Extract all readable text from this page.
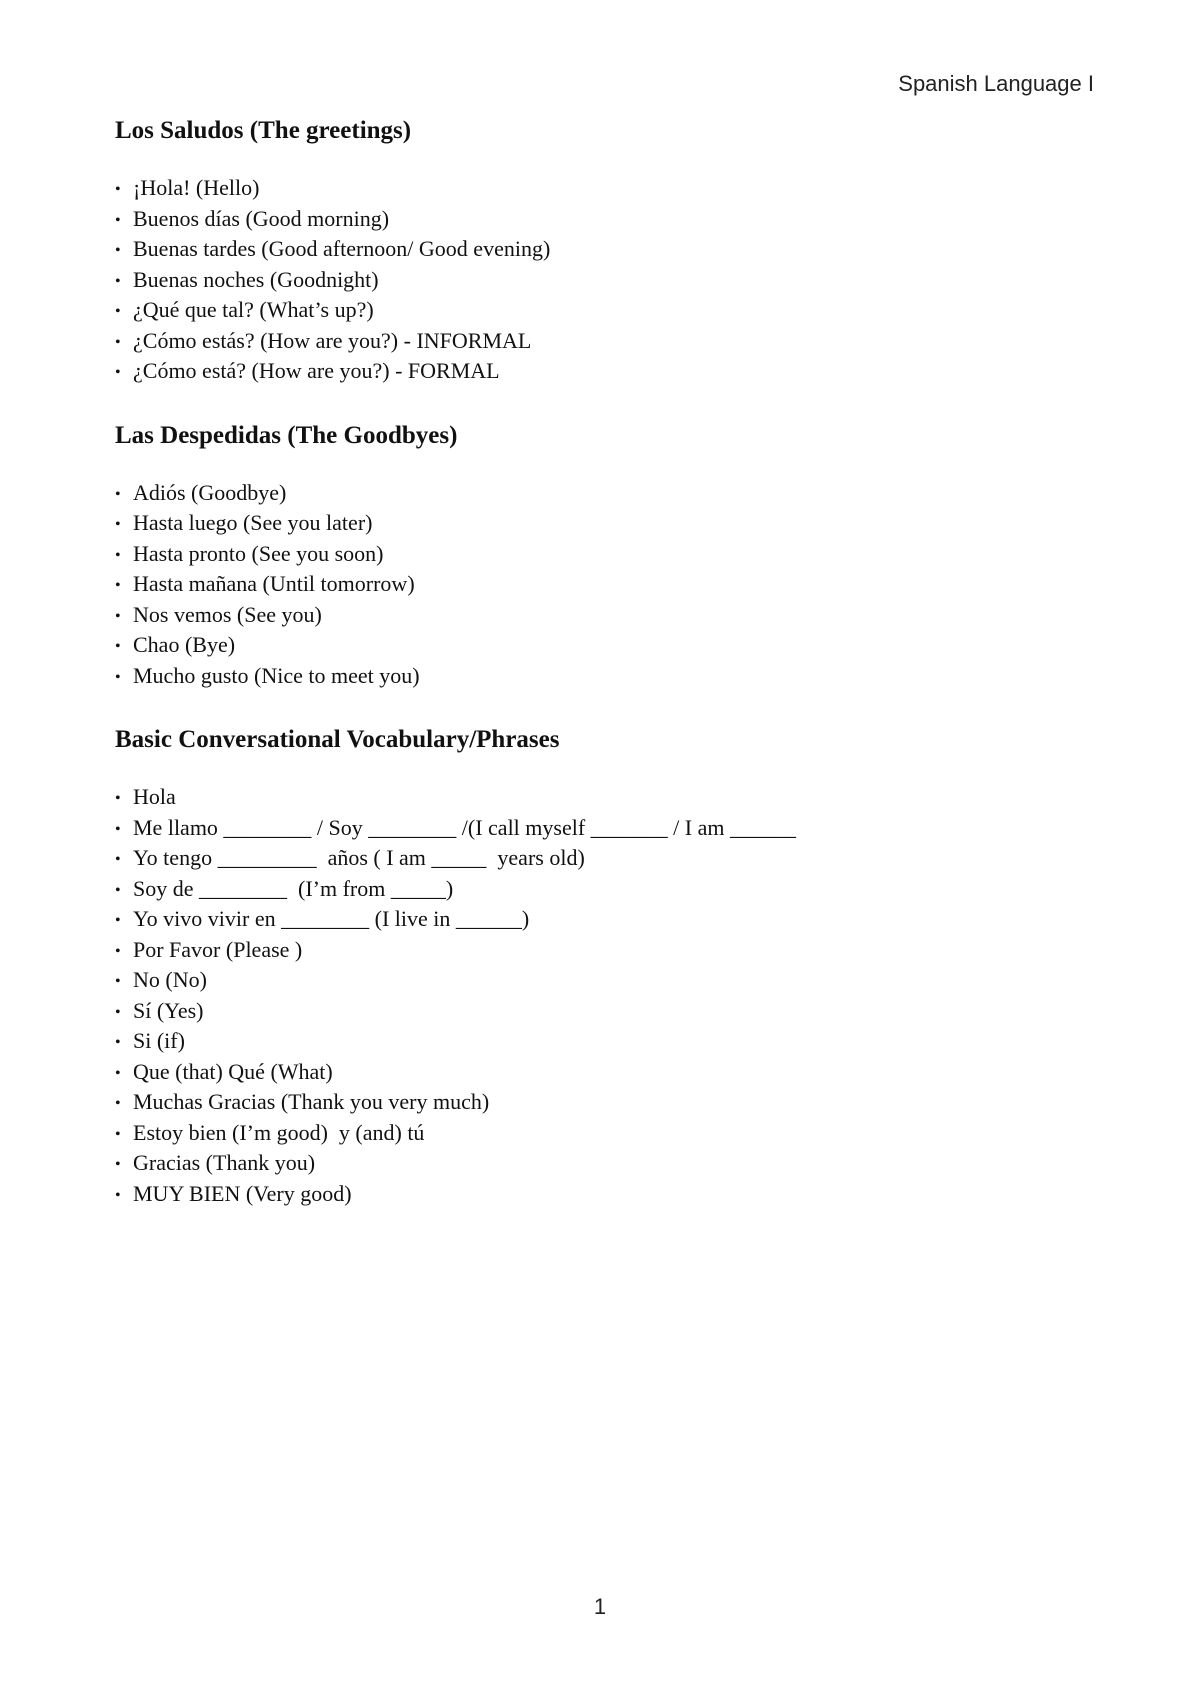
Spanish Language I
Los Saludos (The greetings)
• ¡Hola! (Hello)
• Buenos días (Good morning)
• Buenas tardes (Good afternoon/ Good evening)
• Buenas noches (Goodnight)
• ¿Qué que tal? (What’s up?)
• ¿Cómo estás? (How are you?) - INFORMAL
• ¿Cómo está? (How are you?) - FORMAL
Las Despedidas (The Goodbyes)
• Adiós (Goodbye)
• Hasta luego (See you later)
• Hasta pronto (See you soon)
• Hasta mañana (Until tomorrow)
• Nos vemos (See you)
• Chao (Bye)
• Mucho gusto (Nice to meet you)
Basic Conversational Vocabulary/Phrases
• Hola
• Me llamo ________ / Soy ________ /(I call myself _______ / I am ______
• Yo tengo _________  años ( I am _____  years old)
• Soy de ________  (I’m from _____)
• Yo vivo vivir en ________ (I live in ______)
• Por Favor (Please )
• No (No)
• Sí (Yes)
• Si (if)
• Que (that) Qué (What)
• Muchas Gracias (Thank you very much)
• Estoy bien (I’m good)  y (and) tú
• Gracias (Thank you)
• MUY BIEN (Very good)
1
